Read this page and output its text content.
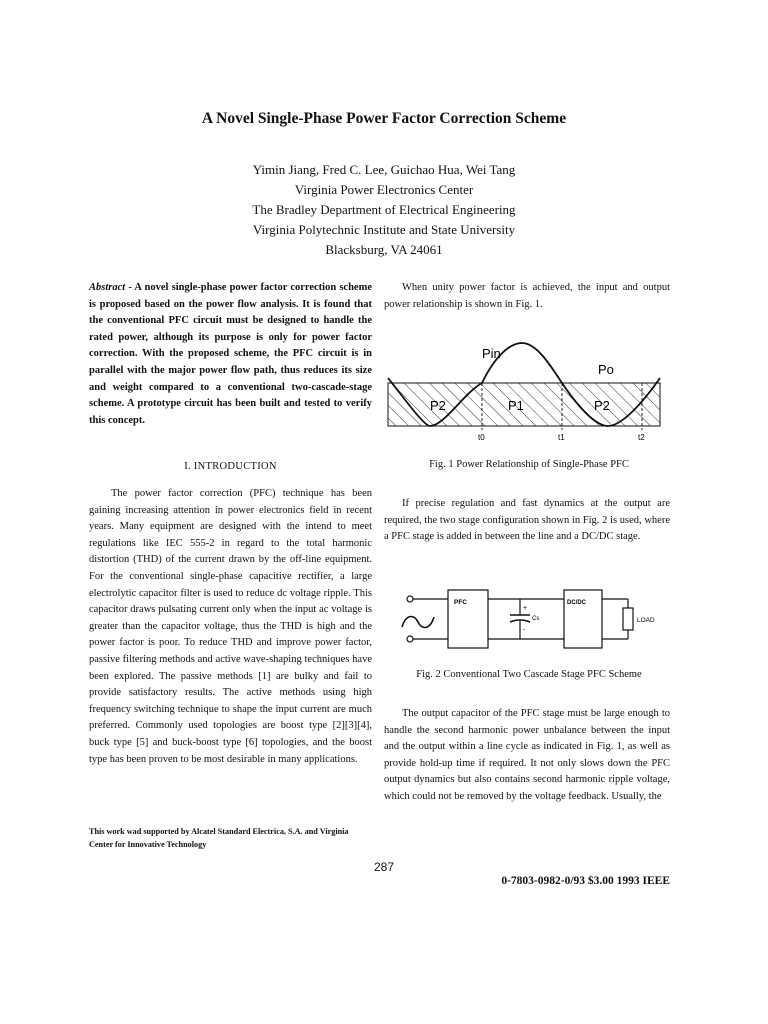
A Novel Single-Phase Power Factor Correction Scheme
Yimin Jiang, Fred C. Lee, Guichao Hua, Wei Tang
Virginia Power Electronics Center
The Bradley Department of Electrical Engineering
Virginia Polytechnic Institute and State University
Blacksburg, VA 24061
Abstract - A novel single-phase power factor correction scheme is proposed based on the power flow analysis. It is found that the conventional PFC circuit must be designed to handle the rated power, although its purpose is only for power factor correction. With the proposed scheme, the PFC circuit is in parallel with the major power flow path, thus reduces its size and weight compared to a conventional two-cascade-stage scheme. A prototype circuit has been built and tested to verify this concept.
I. INTRODUCTION

The power factor correction (PFC) technique has been gaining increasing attention in power electronics field in recent years. Many equipment are designed with the intend to meet regulations like IEC 555-2 in regard to the total harmonic distortion (THD) of the current drawn by the off-line equipment. For the conventional single-phase capacitive rectifier, a large electrolytic capacitor filter is used to reduce dc voltage ripple. This capacitor draws pulsating current only when the input ac voltage is greater than the capacitor voltage, thus the THD is high and the power factor is poor. To reduce THD and improve power factor, passive filtering methods and active wave-shaping techniques have been explored. The passive methods [1] are bulky and fail to provide satisfactory results. The active methods using high frequency switching technique to shape the input current are much preferred. Commonly used topologies are boost type [2][3][4], buck type [5] and buck-boost type [6] topologies, and the boost type has been proven to be most desirable in many applications.

This work wad supported by Alcatel Standard Electrica, S.A. and Virginia Center for Innovative Technology

When unity power factor is achieved, the input and output power relationship is shown in Fig. 1.

Pin
Po
P2	P1	P2
t0	t1	t2
Fig. 1 Power Relationship of Single-Phase PFC

If precise regulation and fast dynamics at the output are required, the two stage configuration shown in Fig. 2 is used, where a PFC stage is added in between the line and a DC/DC stage.

PFC
+
-
Cs
DC/DC
LOAD
Fig. 2 Conventional Two Cascade Stage PFC Scheme

The output capacitor of the PFC stage must be large enough to handle the second harmonic power unbalance between the input and the output within a line cycle as indicated in Fig. 1, as well as provide hold-up time if required. It not only slows down the PFC output dynamics but also contains second harmonic ripple voltage, which could not be removed by the voltage feedback. Usually, the

287
0-7803-0982-0/93 $3.00 1993 IEEE
